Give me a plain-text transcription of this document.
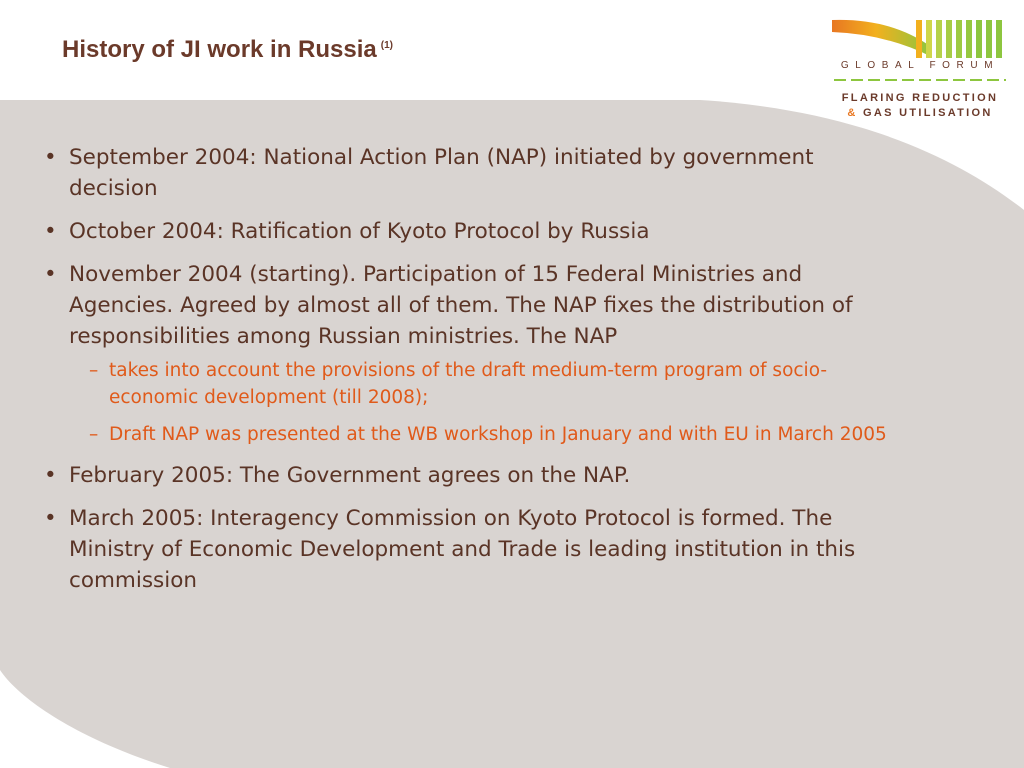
History of JI work in Russia $^{(1)}$
GLOBAL FORUM
FLARING REDUCTION
& GAS UTILISATION
• September 2004: National Action Plan (NAP) initiated by government decision
• October 2004: Ratification of Kyoto Protocol by Russia
• November 2004 (starting). Participation of 15 Federal Ministries and Agencies. Agreed by almost all of them. The NAP fixes the distribution of responsibilities among Russian ministries. The NAP
– takes into account the provisions of the draft medium-term program of socio-economic development (till 2008);
– Draft NAP was presented at the WB workshop in January and with EU in March 2005
• February 2005: The Government agrees on the NAP.
• March 2005: Interagency Commission on Kyoto Protocol is formed. The Ministry of Economic Development and Trade is leading institution in this commission
